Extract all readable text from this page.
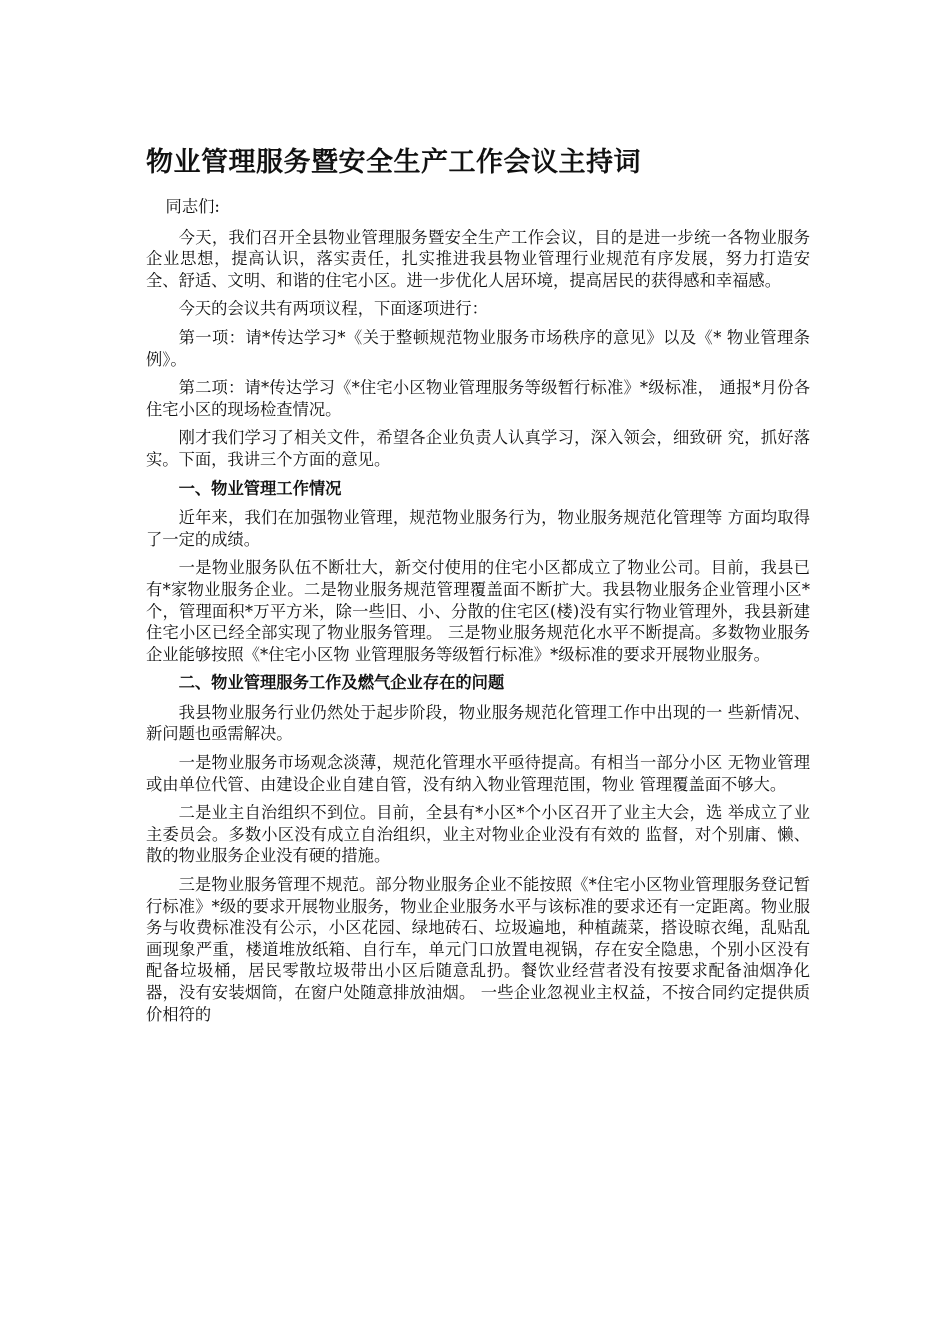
物业管理服务暨安全生产工作会议主持词

同志们:

今天，我们召开全县物业管理服务暨安全生产工作会议，目的是进一步统一各物业服务企业思想，提高认识，落实责任，扎实推进我县物业管理行业规范有序发展，努力打造安全、舒适、文明、和谐的住宅小区。进一步优化人居环境，提高居民的获得感和幸福感。

今天的会议共有两项议程，下面逐项进行：

第一项：请*传达学习*《关于整顿规范物业服务市场秩序的意见》以及《* 物业管理条例》。

第二项：请*传达学习《*住宅小区物业管理服务等级暂行标准》*级标准， 通报*月份各住宅小区的现场检查情况。

刚才我们学习了相关文件，希望各企业负责人认真学习，深入领会，细致研 究，抓好落实。下面，我讲三个方面的意见。

一、物业管理工作情况

近年来，我们在加强物业管理，规范物业服务行为，物业服务规范化管理等 方面均取得了一定的成绩。

一是物业服务队伍不断壮大，新交付使用的住宅小区都成立了物业公司。目前，我县已有*家物业服务企业。二是物业服务规范管理覆盖面不断扩大。我县物业服务企业管理小区*个，管理面积*万平方米，除一些旧、小、分散的住宅区(楼)没有实行物业管理外，我县新建住宅小区已经全部实现了物业服务管理。 三是物业服务规范化水平不断提高。多数物业服务企业能够按照《*住宅小区物 业管理服务等级暂行标准》*级标准的要求开展物业服务。

二、物业管理服务工作及燃气企业存在的问题

我县物业服务行业仍然处于起步阶段，物业服务规范化管理工作中出现的一 些新情况、新问题也亟需解决。

一是物业服务市场观念淡薄，规范化管理水平亟待提高。有相当一部分小区 无物业管理或由单位代管、由建设企业自建自管，没有纳入物业管理范围，物业 管理覆盖面不够大。

二是业主自治组织不到位。目前，全县有*小区*个小区召开了业主大会，选 举成立了业主委员会。多数小区没有成立自治组织，业主对物业企业没有有效的 监督，对个别庸、懒、散的物业服务企业没有硬的措施。

三是物业服务管理不规范。部分物业服务企业不能按照《*住宅小区物业管理服务登记暂行标准》*级的要求开展物业服务，物业企业服务水平与该标准的要求还有一定距离。物业服务与收费标准没有公示，小区花园、绿地砖石、垃圾遍地，种植蔬菜，搭设晾衣绳，乱贴乱画现象严重，楼道堆放纸箱、自行车，单元门口放置电视锅，存在安全隐患，个别小区没有配备垃圾桶，居民零散垃圾带出小区后随意乱扔。餐饮业经营者没有按要求配备油烟净化器，没有安装烟筒，在窗户处随意排放油烟。 一些企业忽视业主权益，不按合同约定提供质价相符的
